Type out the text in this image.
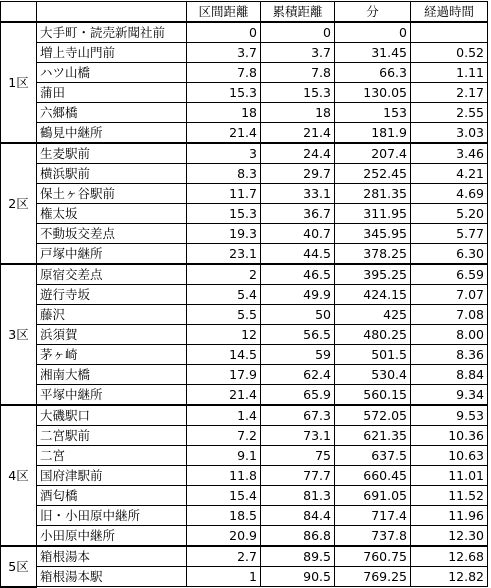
		区間距離	累積距離	分	経過時間
1区	大手町・読売新聞社前	0	0	0	
	増上寺山門前	3.7	3.7	31.45	0.52
	ハツ山橋	7.8	7.8	66.3	1.11
	蒲田	15.3	15.3	130.05	2.17
	六郷橋	18	18	153	2.55
	鶴見中継所	21.4	21.4	181.9	3.03
2区	生麦駅前	3	24.4	207.4	3.46
	横浜駅前	8.3	29.7	252.45	4.21
	保土ヶ谷駅前	11.7	33.1	281.35	4.69
	権太坂	15.3	36.7	311.95	5.20
	不動坂交差点	19.3	40.7	345.95	5.77
	戸塚中継所	23.1	44.5	378.25	6.30
3区	原宿交差点	2	46.5	395.25	6.59
	遊行寺坂	5.4	49.9	424.15	7.07
	藤沢	5.5	50	425	7.08
	浜須賀	12	56.5	480.25	8.00
	茅ヶ崎	14.5	59	501.5	8.36
	湘南大橋	17.9	62.4	530.4	8.84
	平塚中継所	21.4	65.9	560.15	9.34
4区	大磯駅口	1.4	67.3	572.05	9.53
	二宮駅前	7.2	73.1	621.35	10.36
	二宮	9.1	75	637.5	10.63
	国府津駅前	11.8	77.7	660.45	11.01
	酒匂橋	15.4	81.3	691.05	11.52
	旧・小田原中継所	18.5	84.4	717.4	11.96
	小田原中継所	20.9	86.8	737.8	12.30
5区	箱根湯本	2.7	89.5	760.75	12.68
	箱根湯本駅	1	90.5	769.25	12.82
